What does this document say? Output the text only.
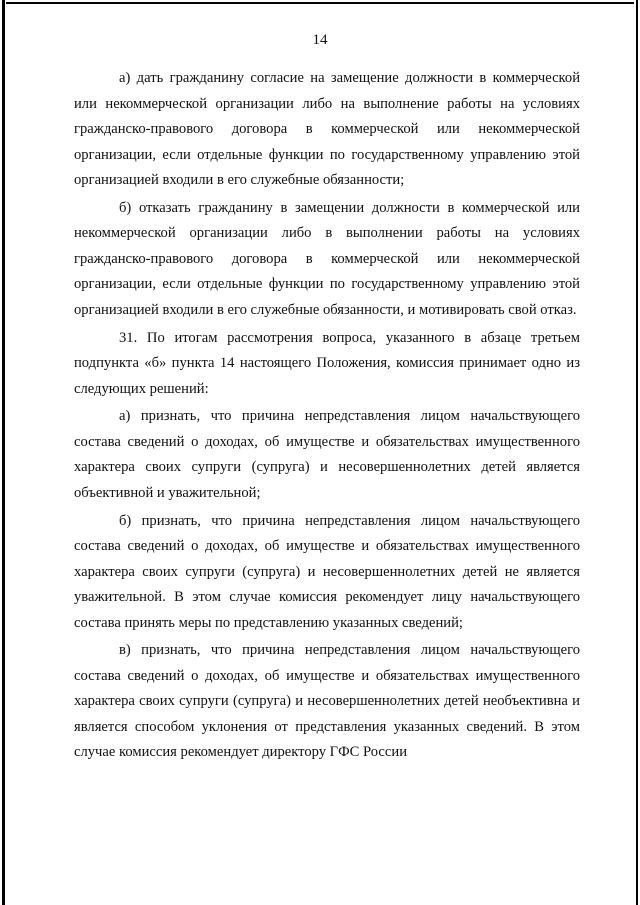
14

а) дать гражданину согласие на замещение должности в коммерческой или некоммерческой организации либо на выполнение работы на условиях гражданско-правового договора в коммерческой или некоммерческой организации, если отдельные функции по государственному управлению этой организацией входили в его служебные обязанности;

б) отказать гражданину в замещении должности в коммерческой или некоммерческой организации либо в выполнении работы на условиях гражданско-правового договора в коммерческой или некоммерческой организации, если отдельные функции по государственному управлению этой организацией входили в его служебные обязанности, и мотивировать свой отказ.

31. По итогам рассмотрения вопроса, указанного в абзаце третьем подпункта «б» пункта 14 настоящего Положения, комиссия принимает одно из следующих решений:

а) признать, что причина непредставления лицом начальствующего состава сведений о доходах, об имуществе и обязательствах имущественного характера своих супруги (супруга) и несовершеннолетних детей является объективной и уважительной;

б) признать, что причина непредставления лицом начальствующего состава сведений о доходах, об имуществе и обязательствах имущественного характера своих супруги (супруга) и несовершеннолетних детей не является уважительной. В этом случае комиссия рекомендует лицу начальствующего состава принять меры по представлению указанных сведений;

в) признать, что причина непредставления лицом начальствующего состава сведений о доходах, об имуществе и обязательствах имущественного характера своих супруги (супруга) и несовершеннолетних детей необъективна и является способом уклонения от представления указанных сведений. В этом случае комиссия рекомендует директору ГФС России
